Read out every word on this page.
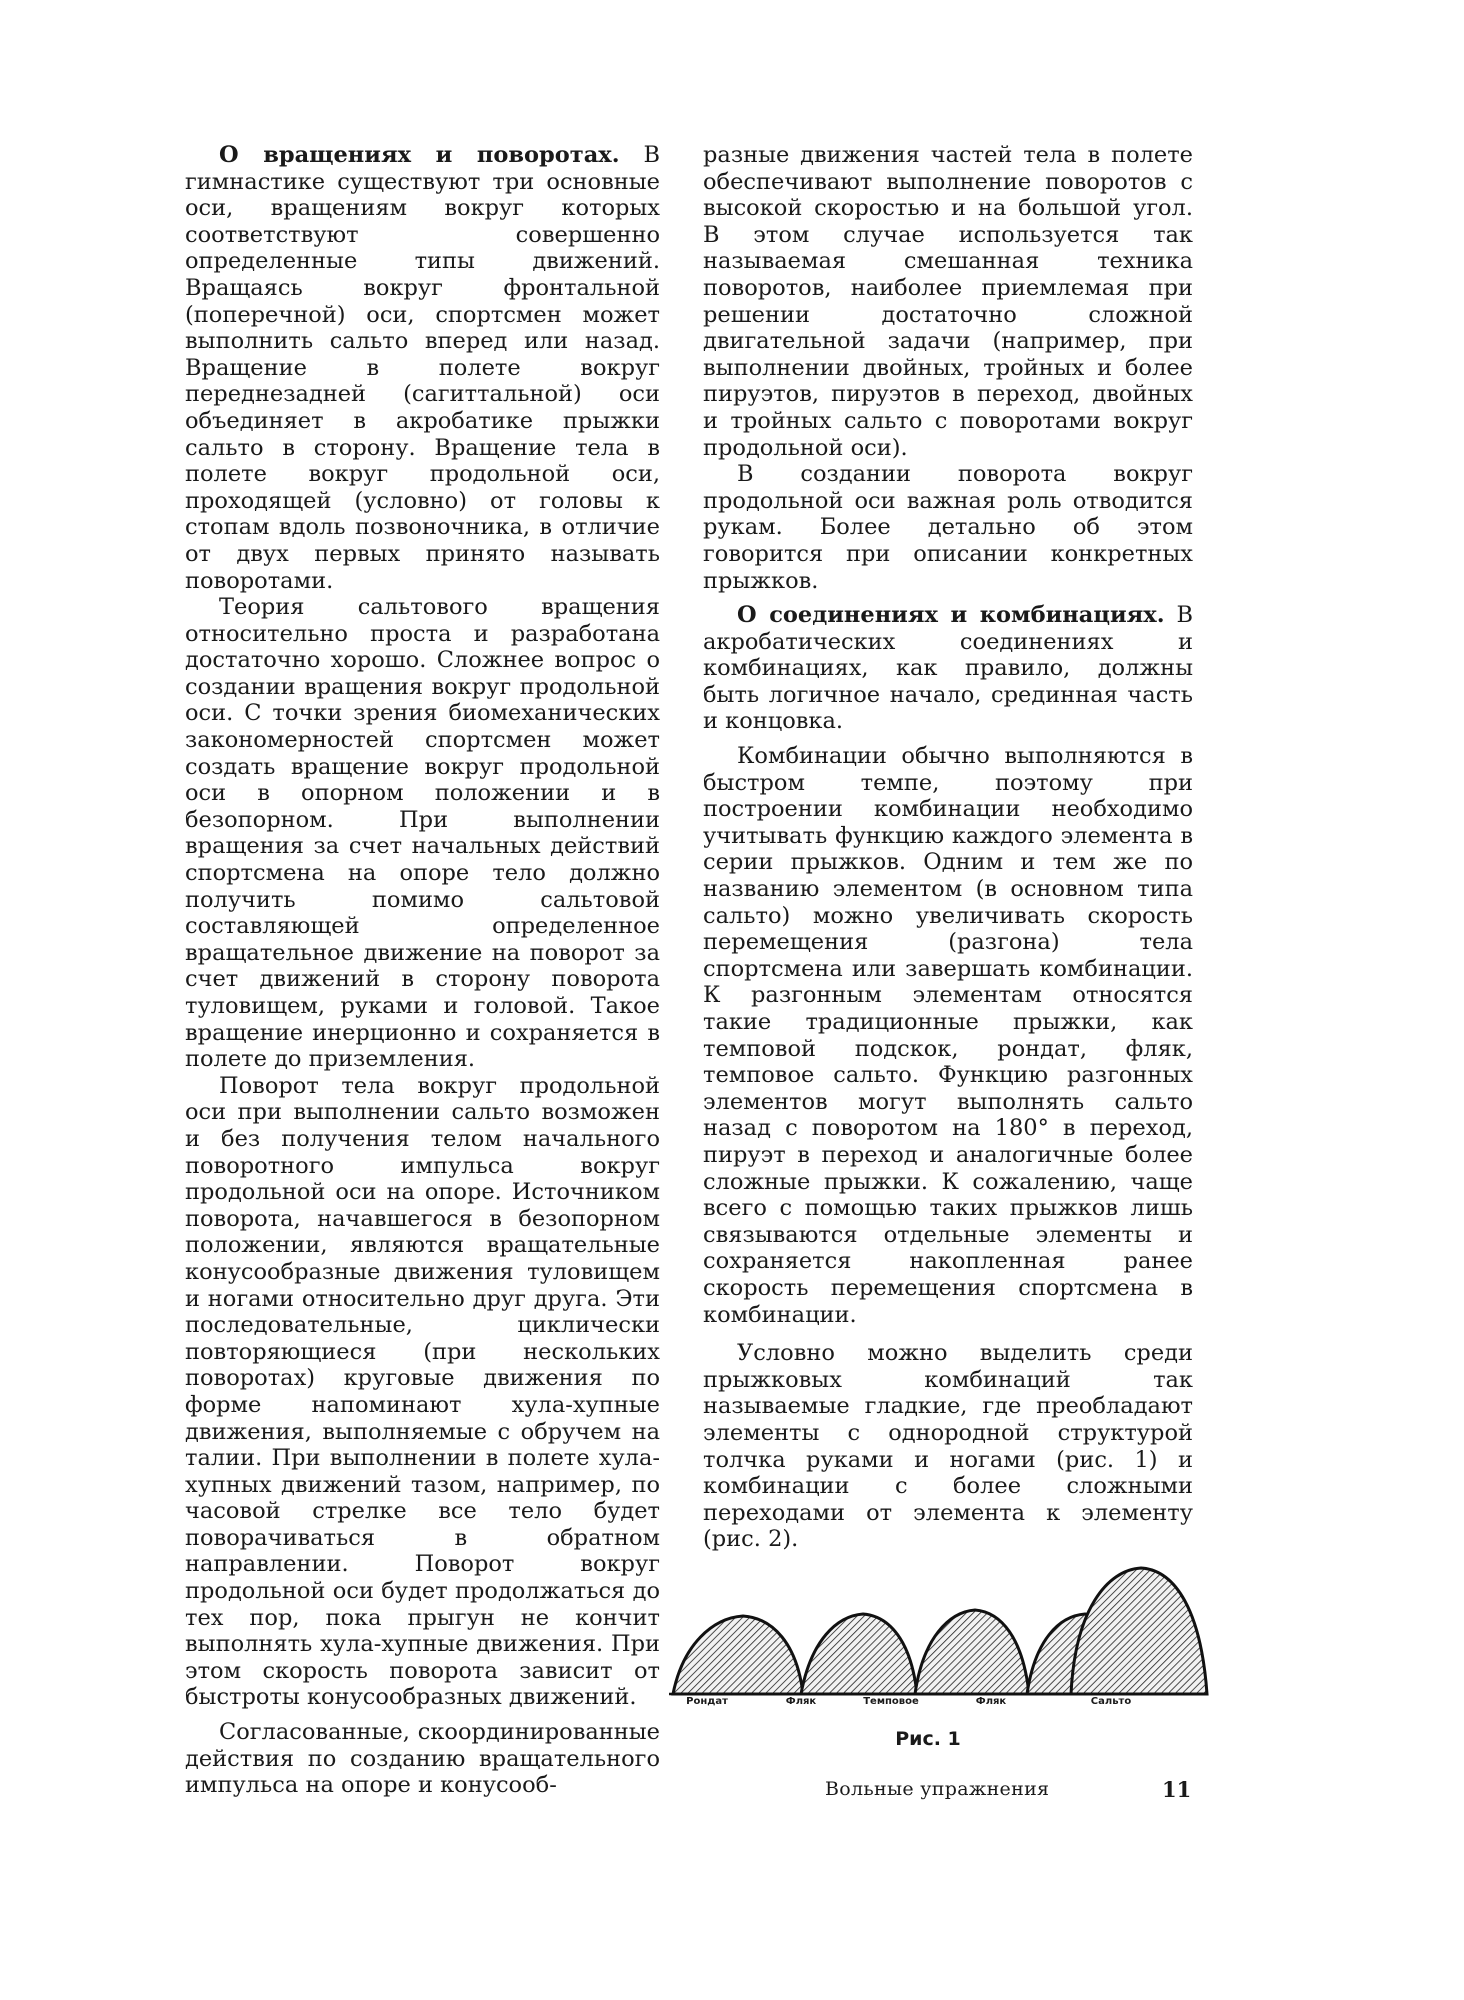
О вращениях и поворотах. В гимнастике существуют три основные оси, вращениям вокруг которых соответствуют совершенно определенные типы движений. Вращаясь вокруг фронтальной (поперечной) оси, спортсмен может выполнить сальто вперед или назад. Вращение в полете вокруг переднезадней (сагиттальной) оси объединяет в акробатике прыжки сальто в сторону. Вращение тела в полете вокруг продольной оси, проходящей (условно) от головы к стопам вдоль позвоночника, в отличие от двух первых принято называть поворотами.

Теория сальтового вращения относительно проста и разработана достаточно хорошо. Сложнее вопрос о создании вращения вокруг продольной оси. С точки зрения биомеханических закономерностей спортсмен может создать вращение вокруг продольной оси в опорном положении и в безопорном. При выполнении вращения за счет начальных действий спортсмена на опоре тело должно получить помимо сальтовой составляющей определенное вращательное движение на поворот за счет движений в сторону поворота туловищем, руками и головой. Такое вращение инерционно и сохраняется в полете до приземления.

Поворот тела вокруг продольной оси при выполнении сальто возможен и без получения телом начального поворотного импульса вокруг продольной оси на опоре. Источником поворота, начавшегося в безопорном положении, являются вращательные конусообразные движения туловищем и ногами относительно друг друга. Эти последовательные, циклически повторяющиеся (при нескольких поворотах) круговые движения по форме напоминают хула-хупные движения, выполняемые с обручем на талии. При выполнении в полете хула-хупных движений тазом, например, по часовой стрелке все тело будет поворачиваться в обратном направлении. Поворот вокруг продольной оси будет продолжаться до тех пор, пока прыгун не кончит выполнять хула-хупные движения. При этом скорость поворота зависит от быстроты конусообразных движений.

Согласованные, скоординированные действия по созданию вращательного импульса на опоре и конусооб-

разные движения частей тела в полете обеспечивают выполнение поворотов с высокой скоростью и на большой угол. В этом случае используется так называемая смешанная техника поворотов, наиболее приемлемая при решении достаточно сложной двигательной задачи (например, при выполнении двойных, тройных и более пируэтов, пируэтов в переход, двойных и тройных сальто с поворотами вокруг продольной оси).

В создании поворота вокруг продольной оси важная роль отводится рукам. Более детально об этом говорится при описании конкретных прыжков.

О соединениях и комбинациях. В акробатических соединениях и комбинациях, как правило, должны быть логичное начало, срединная часть и концовка.

Комбинации обычно выполняются в быстром темпе, поэтому при построении комбинации необходимо учитывать функцию каждого элемента в серии прыжков. Одним и тем же по названию элементом (в основном типа сальто) можно увеличивать скорость перемещения (разгона) тела спортсмена или завершать комбинации. К разгонным элементам относятся такие традиционные прыжки, как темповой подскок, рондат, фляк, темповое сальто. Функцию разгонных элементов могут выполнять сальто назад с поворотом на 180° в переход, пируэт в переход и аналогичные более сложные прыжки. К сожалению, чаще всего с помощью таких прыжков лишь связываются отдельные элементы и сохраняется накопленная ранее скорость перемещения спортсмена в комбинации.

Условно можно выделить среди прыжковых комбинаций так называемые гладкие, где преобладают элементы с однородной структурой толчка руками и ногами (рис. 1) и комбинации с более сложными переходами от элемента к элементу (рис. 2).

Рондат	Фляк	Темповое	Фляк	Сальто
Рис. 1
Вольные упражнения	11
